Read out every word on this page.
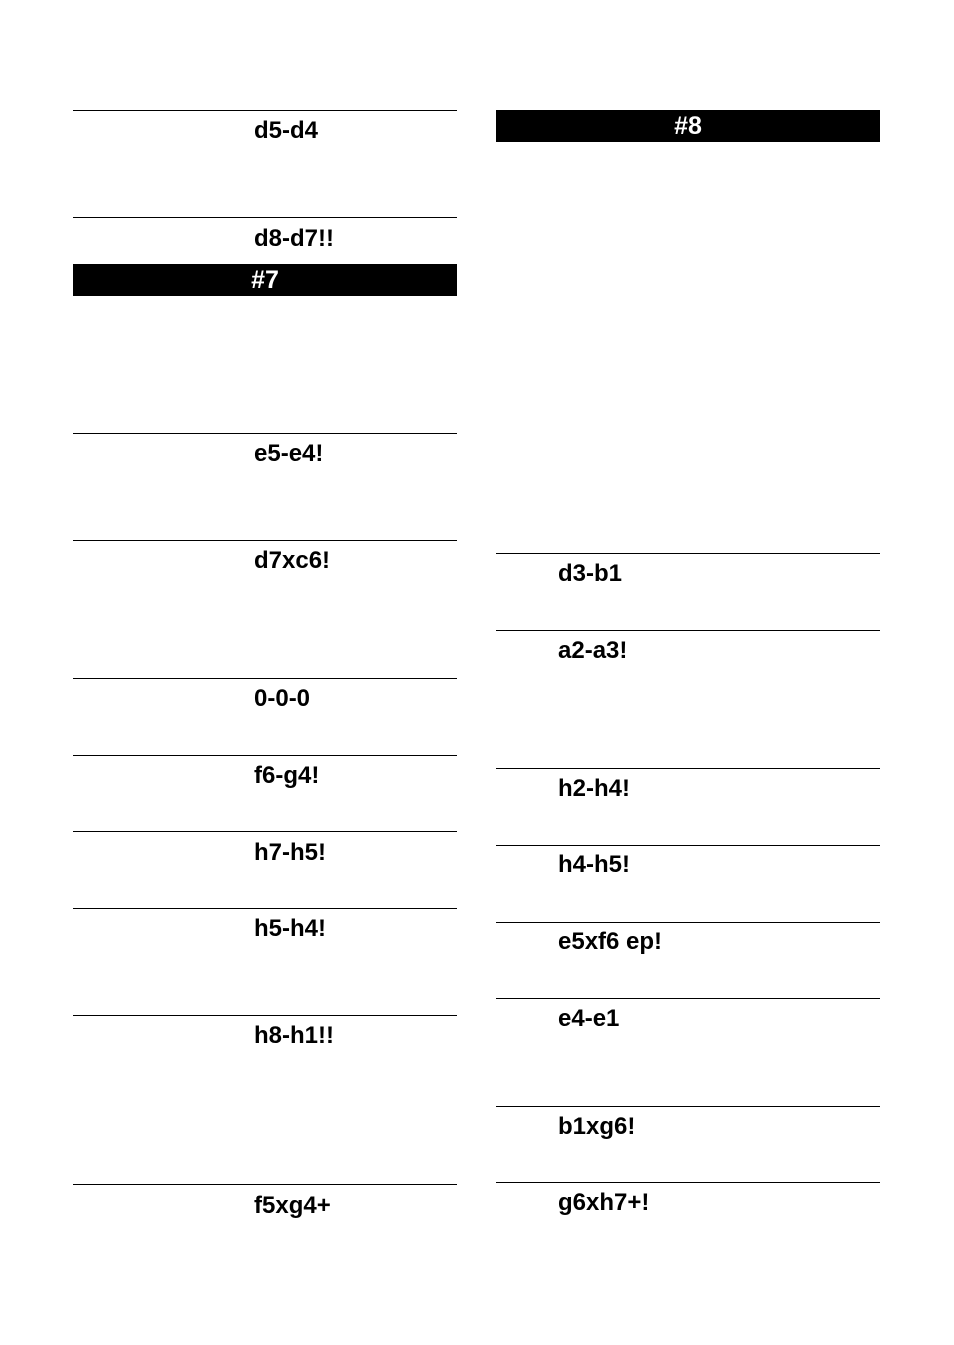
d5-d4
d8-d7!!
#7
e5-e4!
d7xc6!
0-0-0
f6-g4!
h7-h5!
h5-h4!
h8-h1!!
f5xg4+
#8
d3-b1
a2-a3!
h2-h4!
h4-h5!
e5xf6 ep!
e4-e1
b1xg6!
g6xh7+!
